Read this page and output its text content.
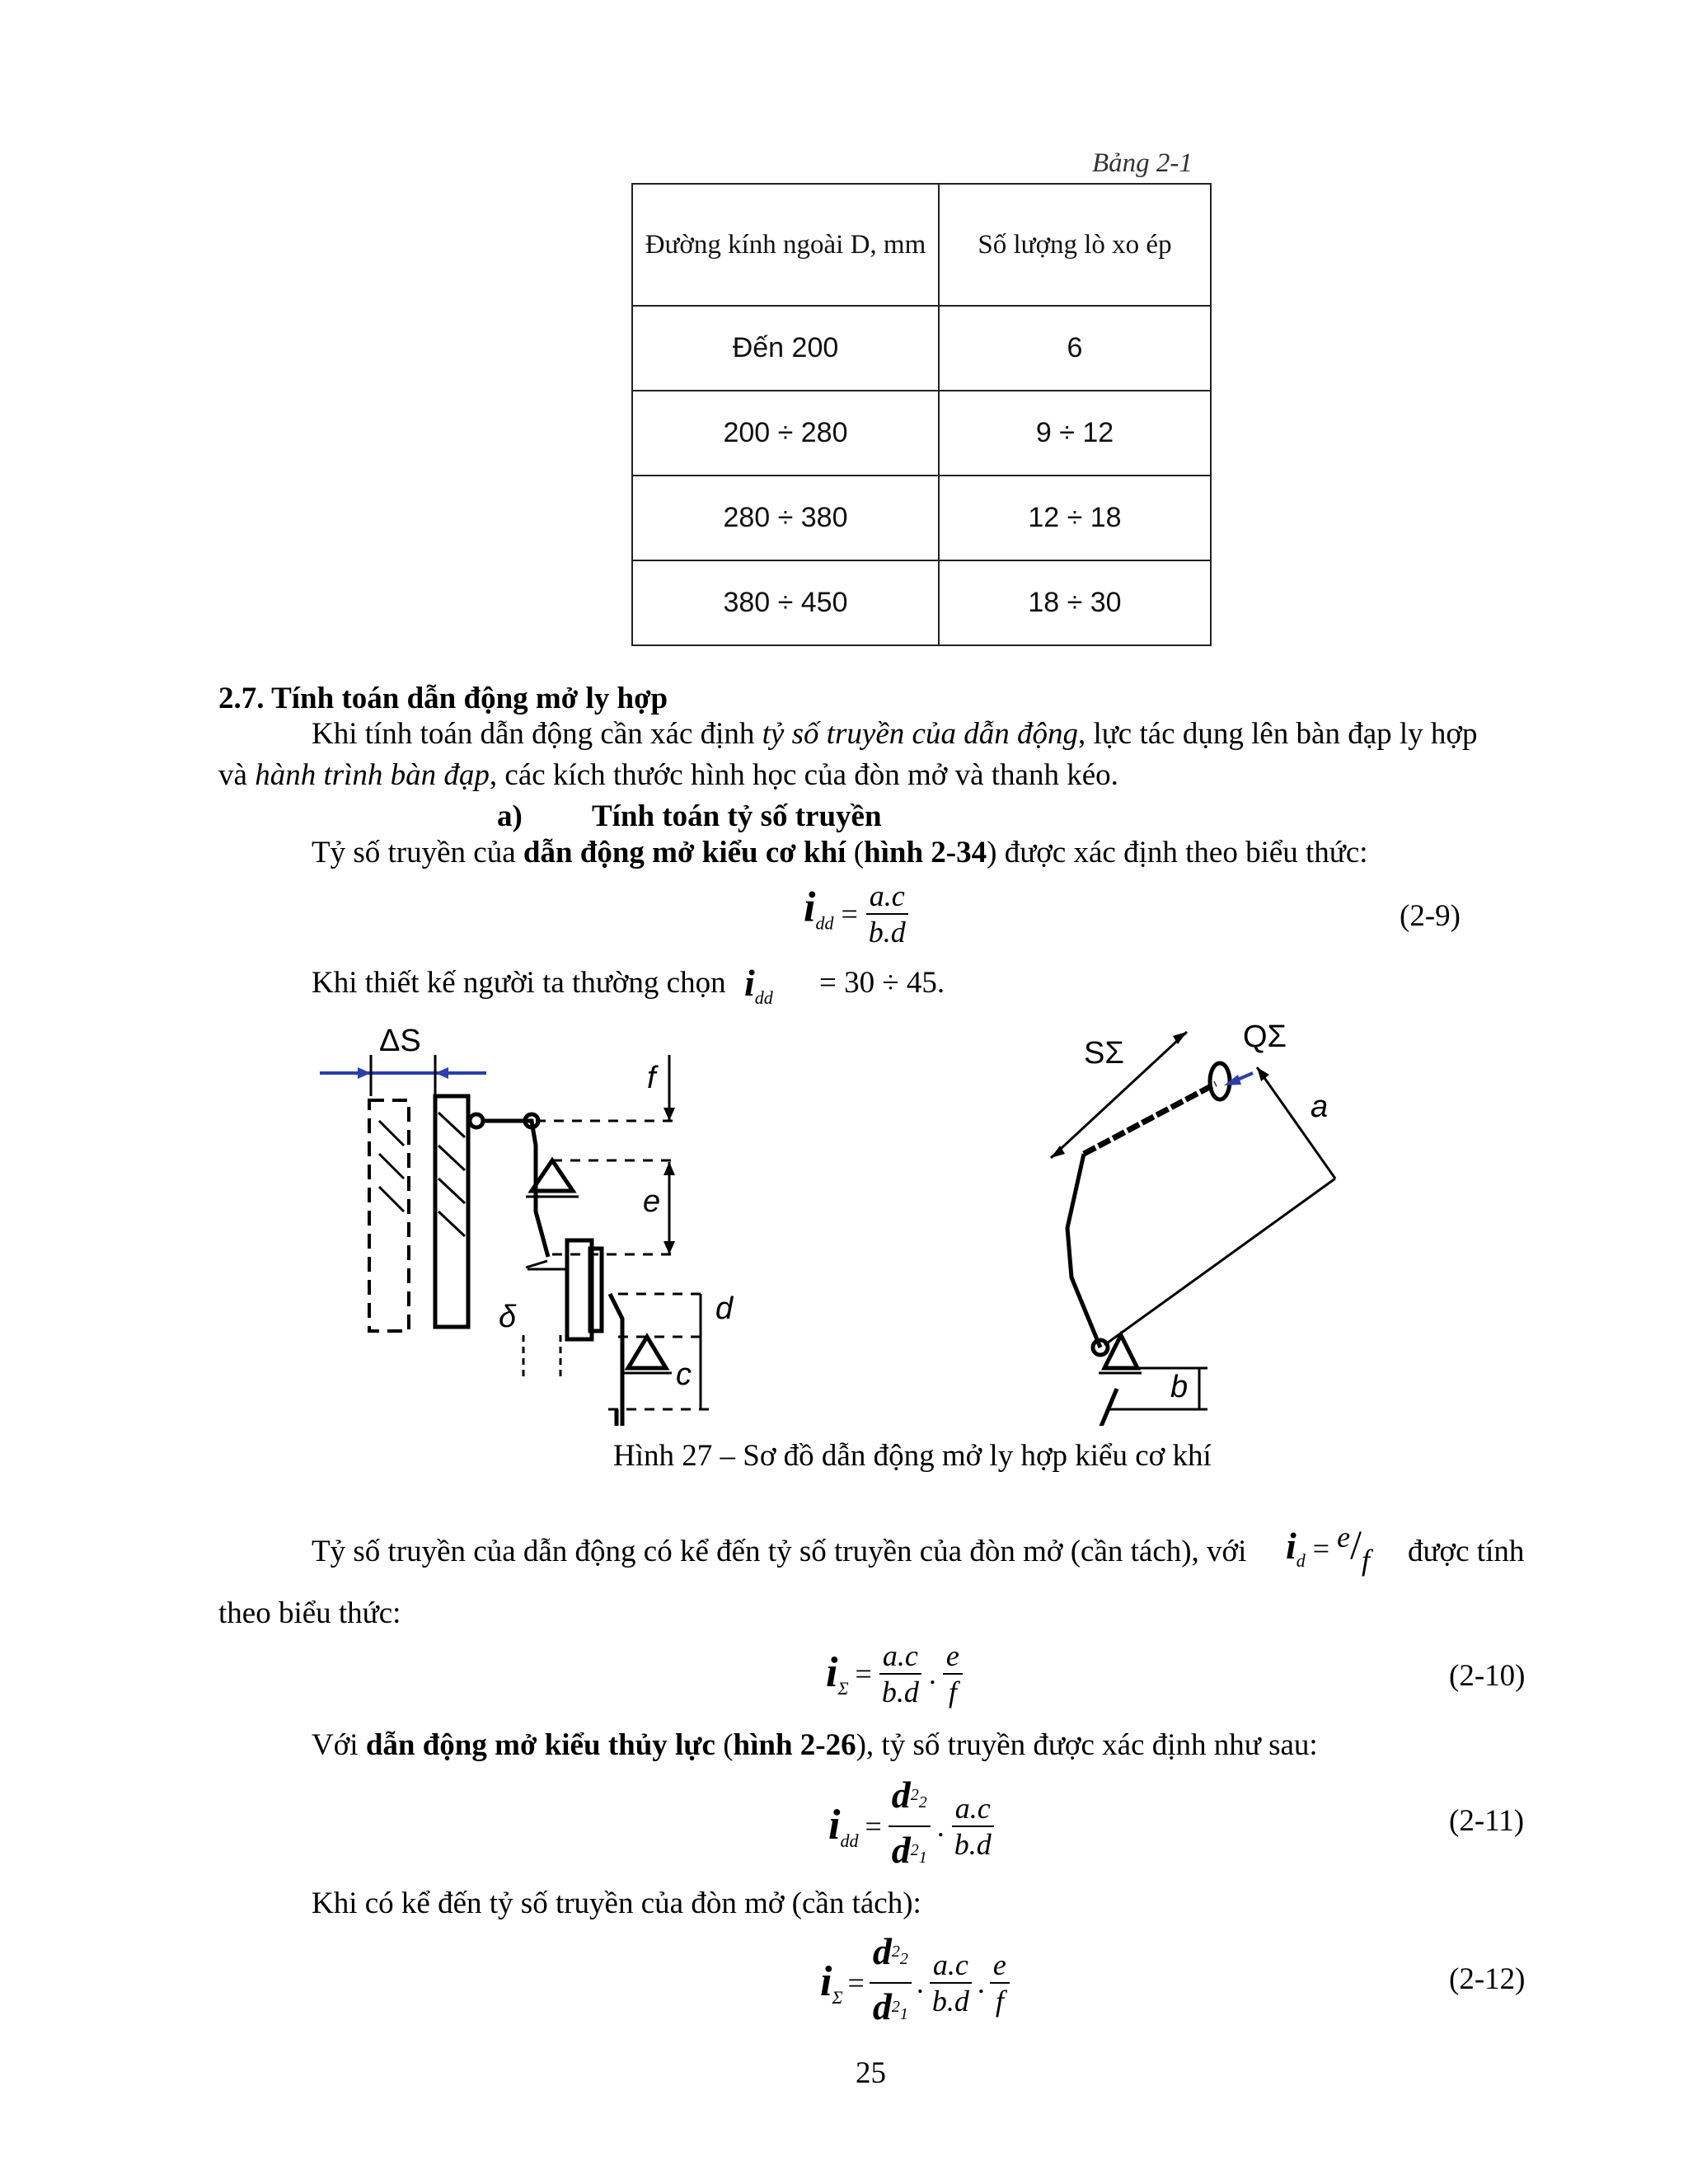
Bảng 2-1
Đường kính ngoài D, mm	Số lượng lò xo ép
Đến 200	6
200 ÷ 280	9 ÷ 12
280 ÷ 380	12 ÷ 18
380 ÷ 450	18 ÷ 30
2.7. Tính toán dẫn động mở ly hợp
Khi tính toán dẫn động cần xác định tỷ số truyền của dẫn động, lực tác dụng lên bàn đạp ly hợp
và hành trình bàn đạp, các kích thước hình học của đòn mở và thanh kéo.
a) Tính toán tỷ số truyền
Tỷ số truyền của dẫn động mở kiểu cơ khí (hình 2-34) được xác định theo biểu thức:
$i_{dd} = \frac{a.c}{b.d}$	(2-9)
Khi thiết kế người ta thường chọn $i_{dd} = 30 \div 45$.
ΔS
f
e
d
c
δ
SΣ	QΣ
a
b
Hình 27 – Sơ đồ dẫn động mở ly hợp kiểu cơ khí
Tỷ số truyền của dẫn động có kể đến tỷ số truyền của đòn mở (cần tách), với $i_d = e/f$ được tính
theo biểu thức:
$i_\Sigma = \frac{a.c}{b.d}$ . $\frac{e}{f}$	(2-10)
Với dẫn động mở kiểu thủy lực (hình 2-26), tỷ số truyền được xác định như sau:
$i_{dd} = \frac{d^22}{d^21}$ . $\frac{a.c}{b.d}$	(2-11)
Khi có kể đến tỷ số truyền của đòn mở (cần tách):
$i_\Sigma = \frac{d^22}{d^21}$ . $\frac{a.c}{b.d}$ . $\frac{e}{f}$	(2-12)
25
